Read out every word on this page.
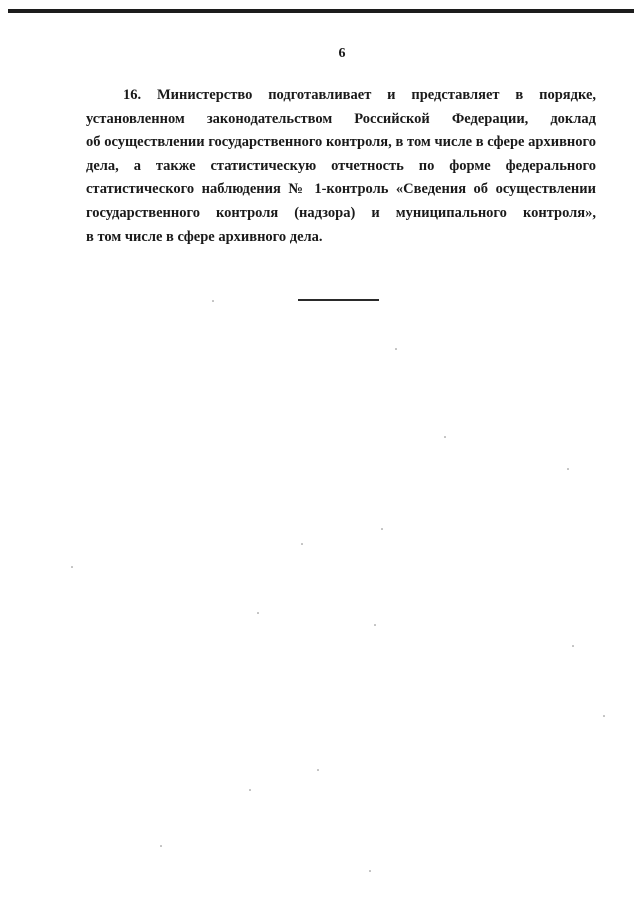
6
16. Министерство подготавливает и представляет в порядке,
установленном законодательством Российской Федерации, доклад
об осуществлении государственного контроля, в том числе в сфере архивного
дела, а также статистическую отчетность по форме федерального
статистического наблюдения № 1-контроль «Сведения об осуществлении
государственного контроля (надзора) и муниципального контроля»,
в том числе в сфере архивного дела.
